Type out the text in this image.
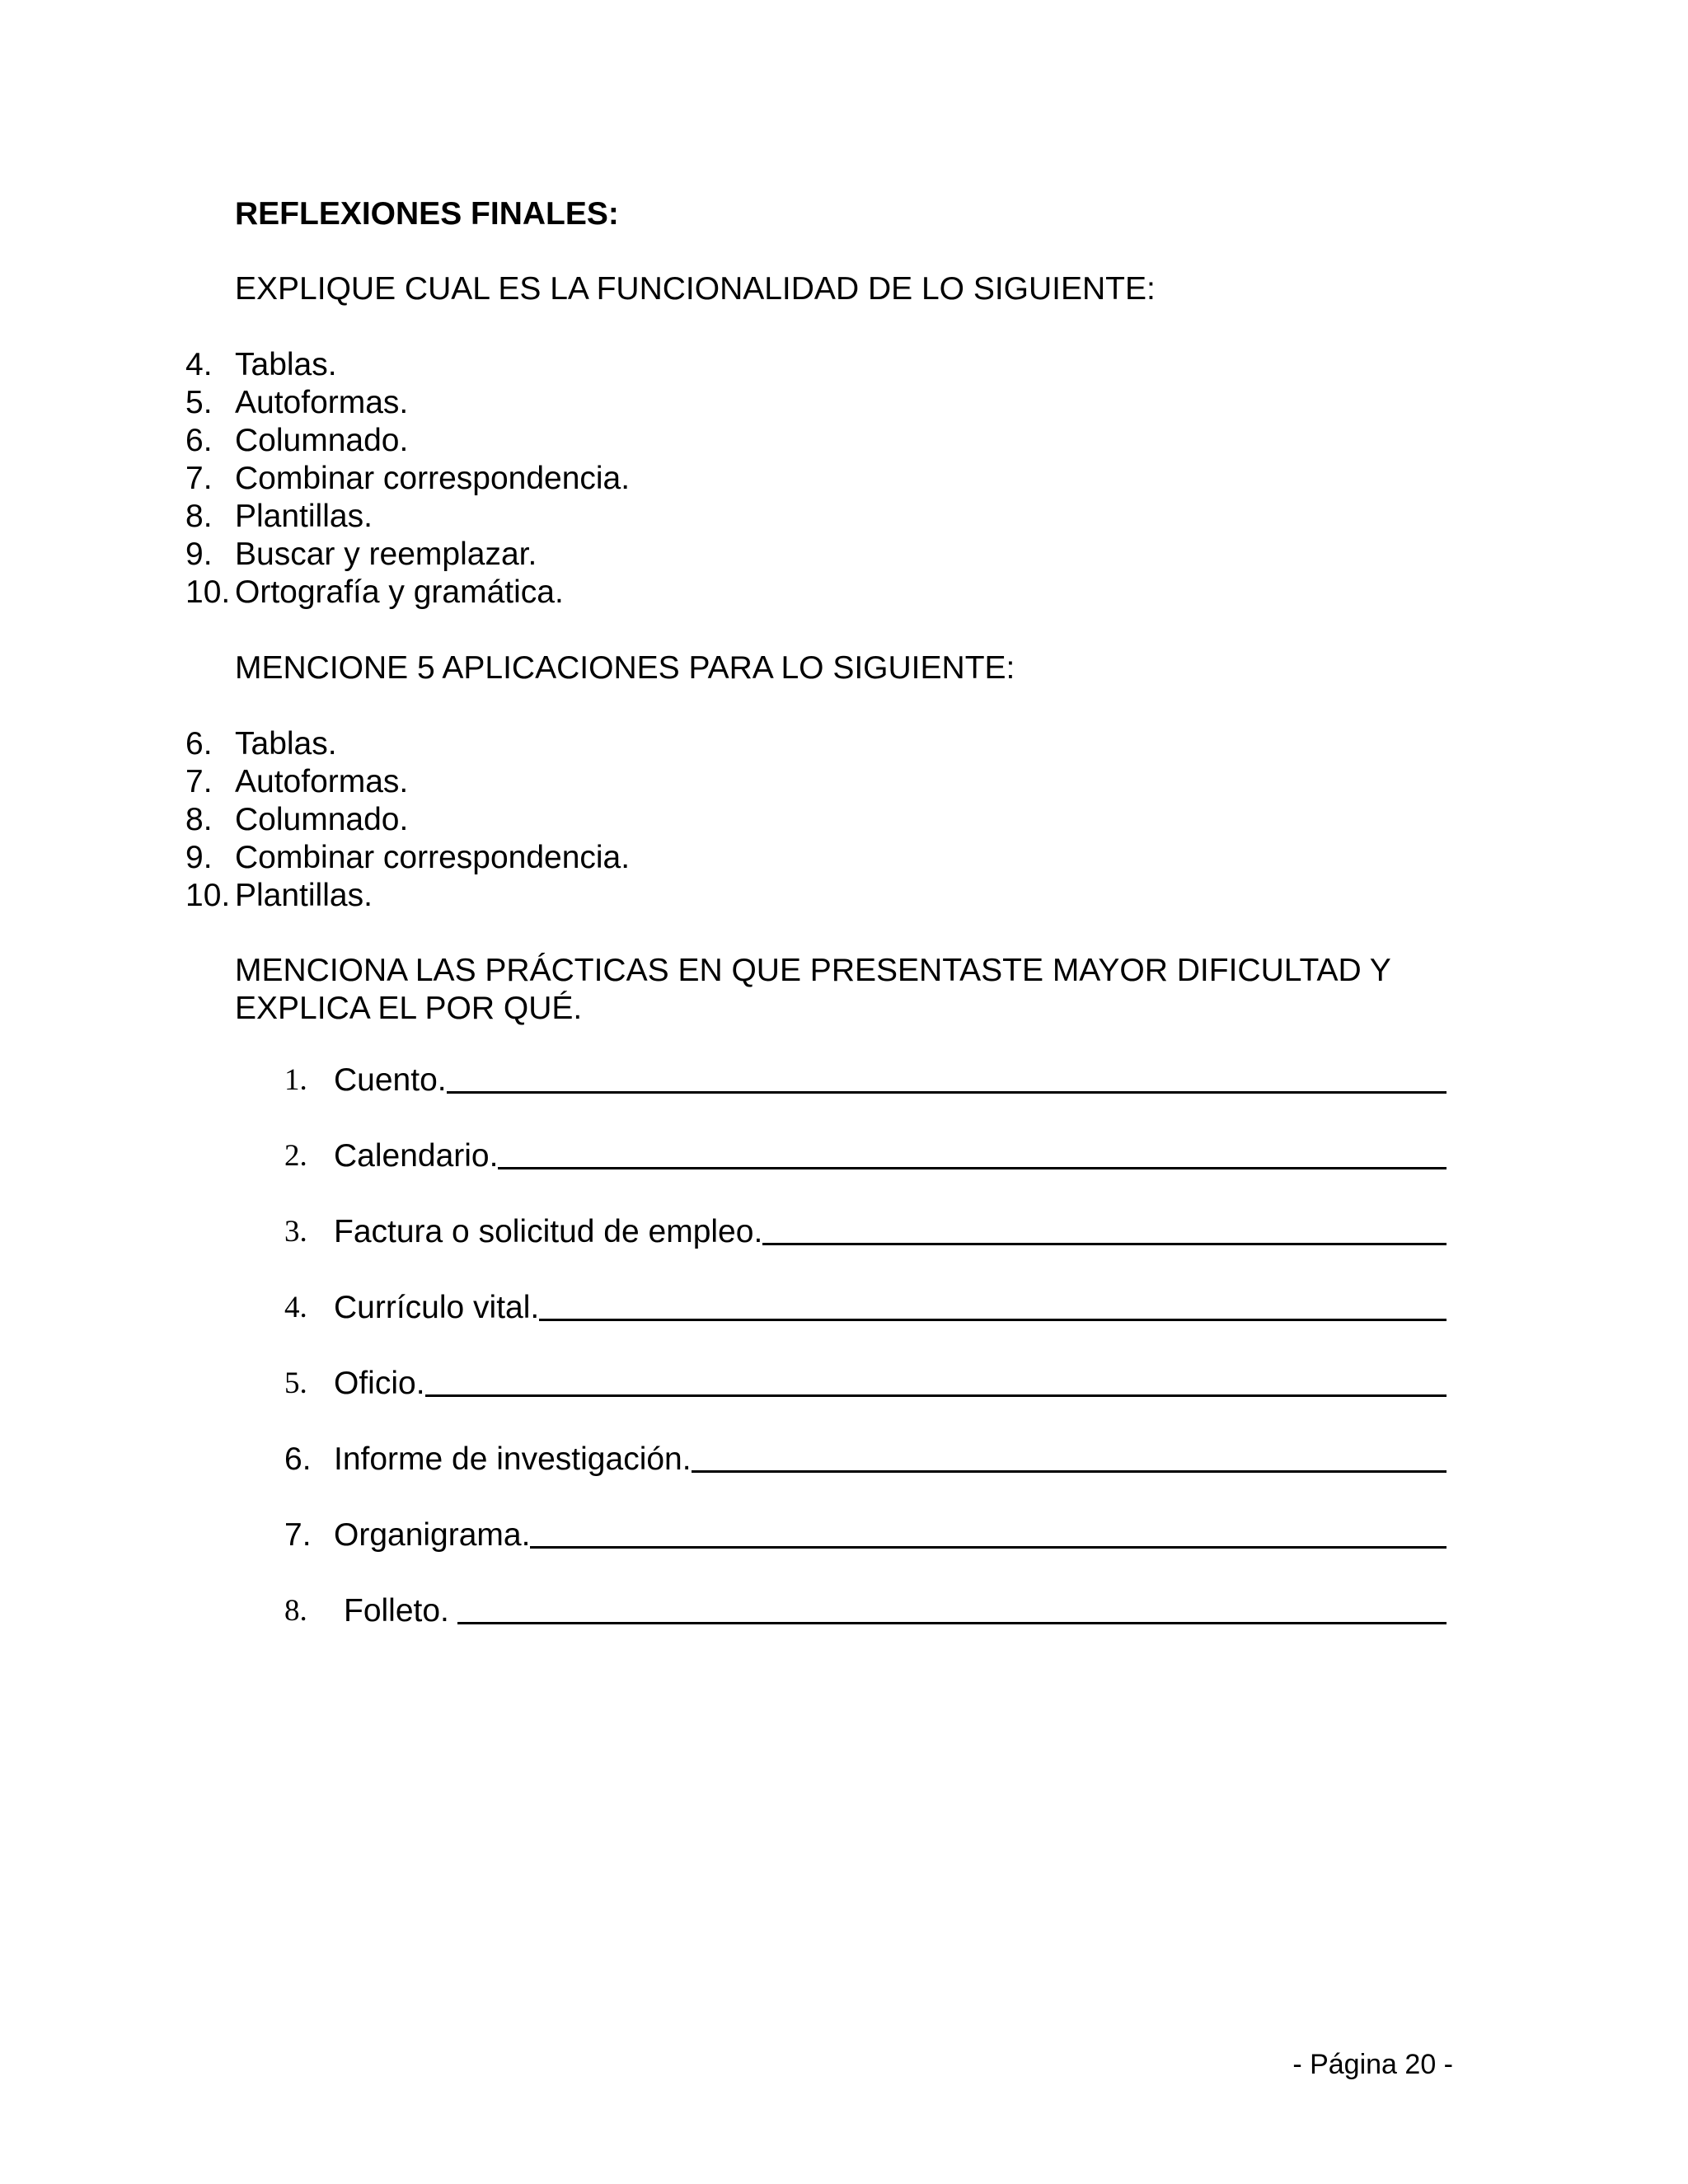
REFLEXIONES FINALES:
EXPLIQUE CUAL ES LA FUNCIONALIDAD DE LO SIGUIENTE:
4. Tablas.
5. Autoformas.
6. Columnado.
7. Combinar correspondencia.
8. Plantillas.
9. Buscar y reemplazar.
10. Ortografía y gramática.
MENCIONE 5 APLICACIONES PARA LO SIGUIENTE:
6. Tablas.
7. Autoformas.
8. Columnado.
9. Combinar correspondencia.
10. Plantillas.
MENCIONA LAS PRÁCTICAS EN QUE PRESENTASTE MAYOR DIFICULTAD Y EXPLICA EL POR QUÉ.
1. Cuento.
2. Calendario.
3. Factura o solicitud de empleo.
4. Currículo vital.
5. Oficio.
6. Informe de investigación.
7. Organigrama.
8.	Folleto.
- Página 20 -
